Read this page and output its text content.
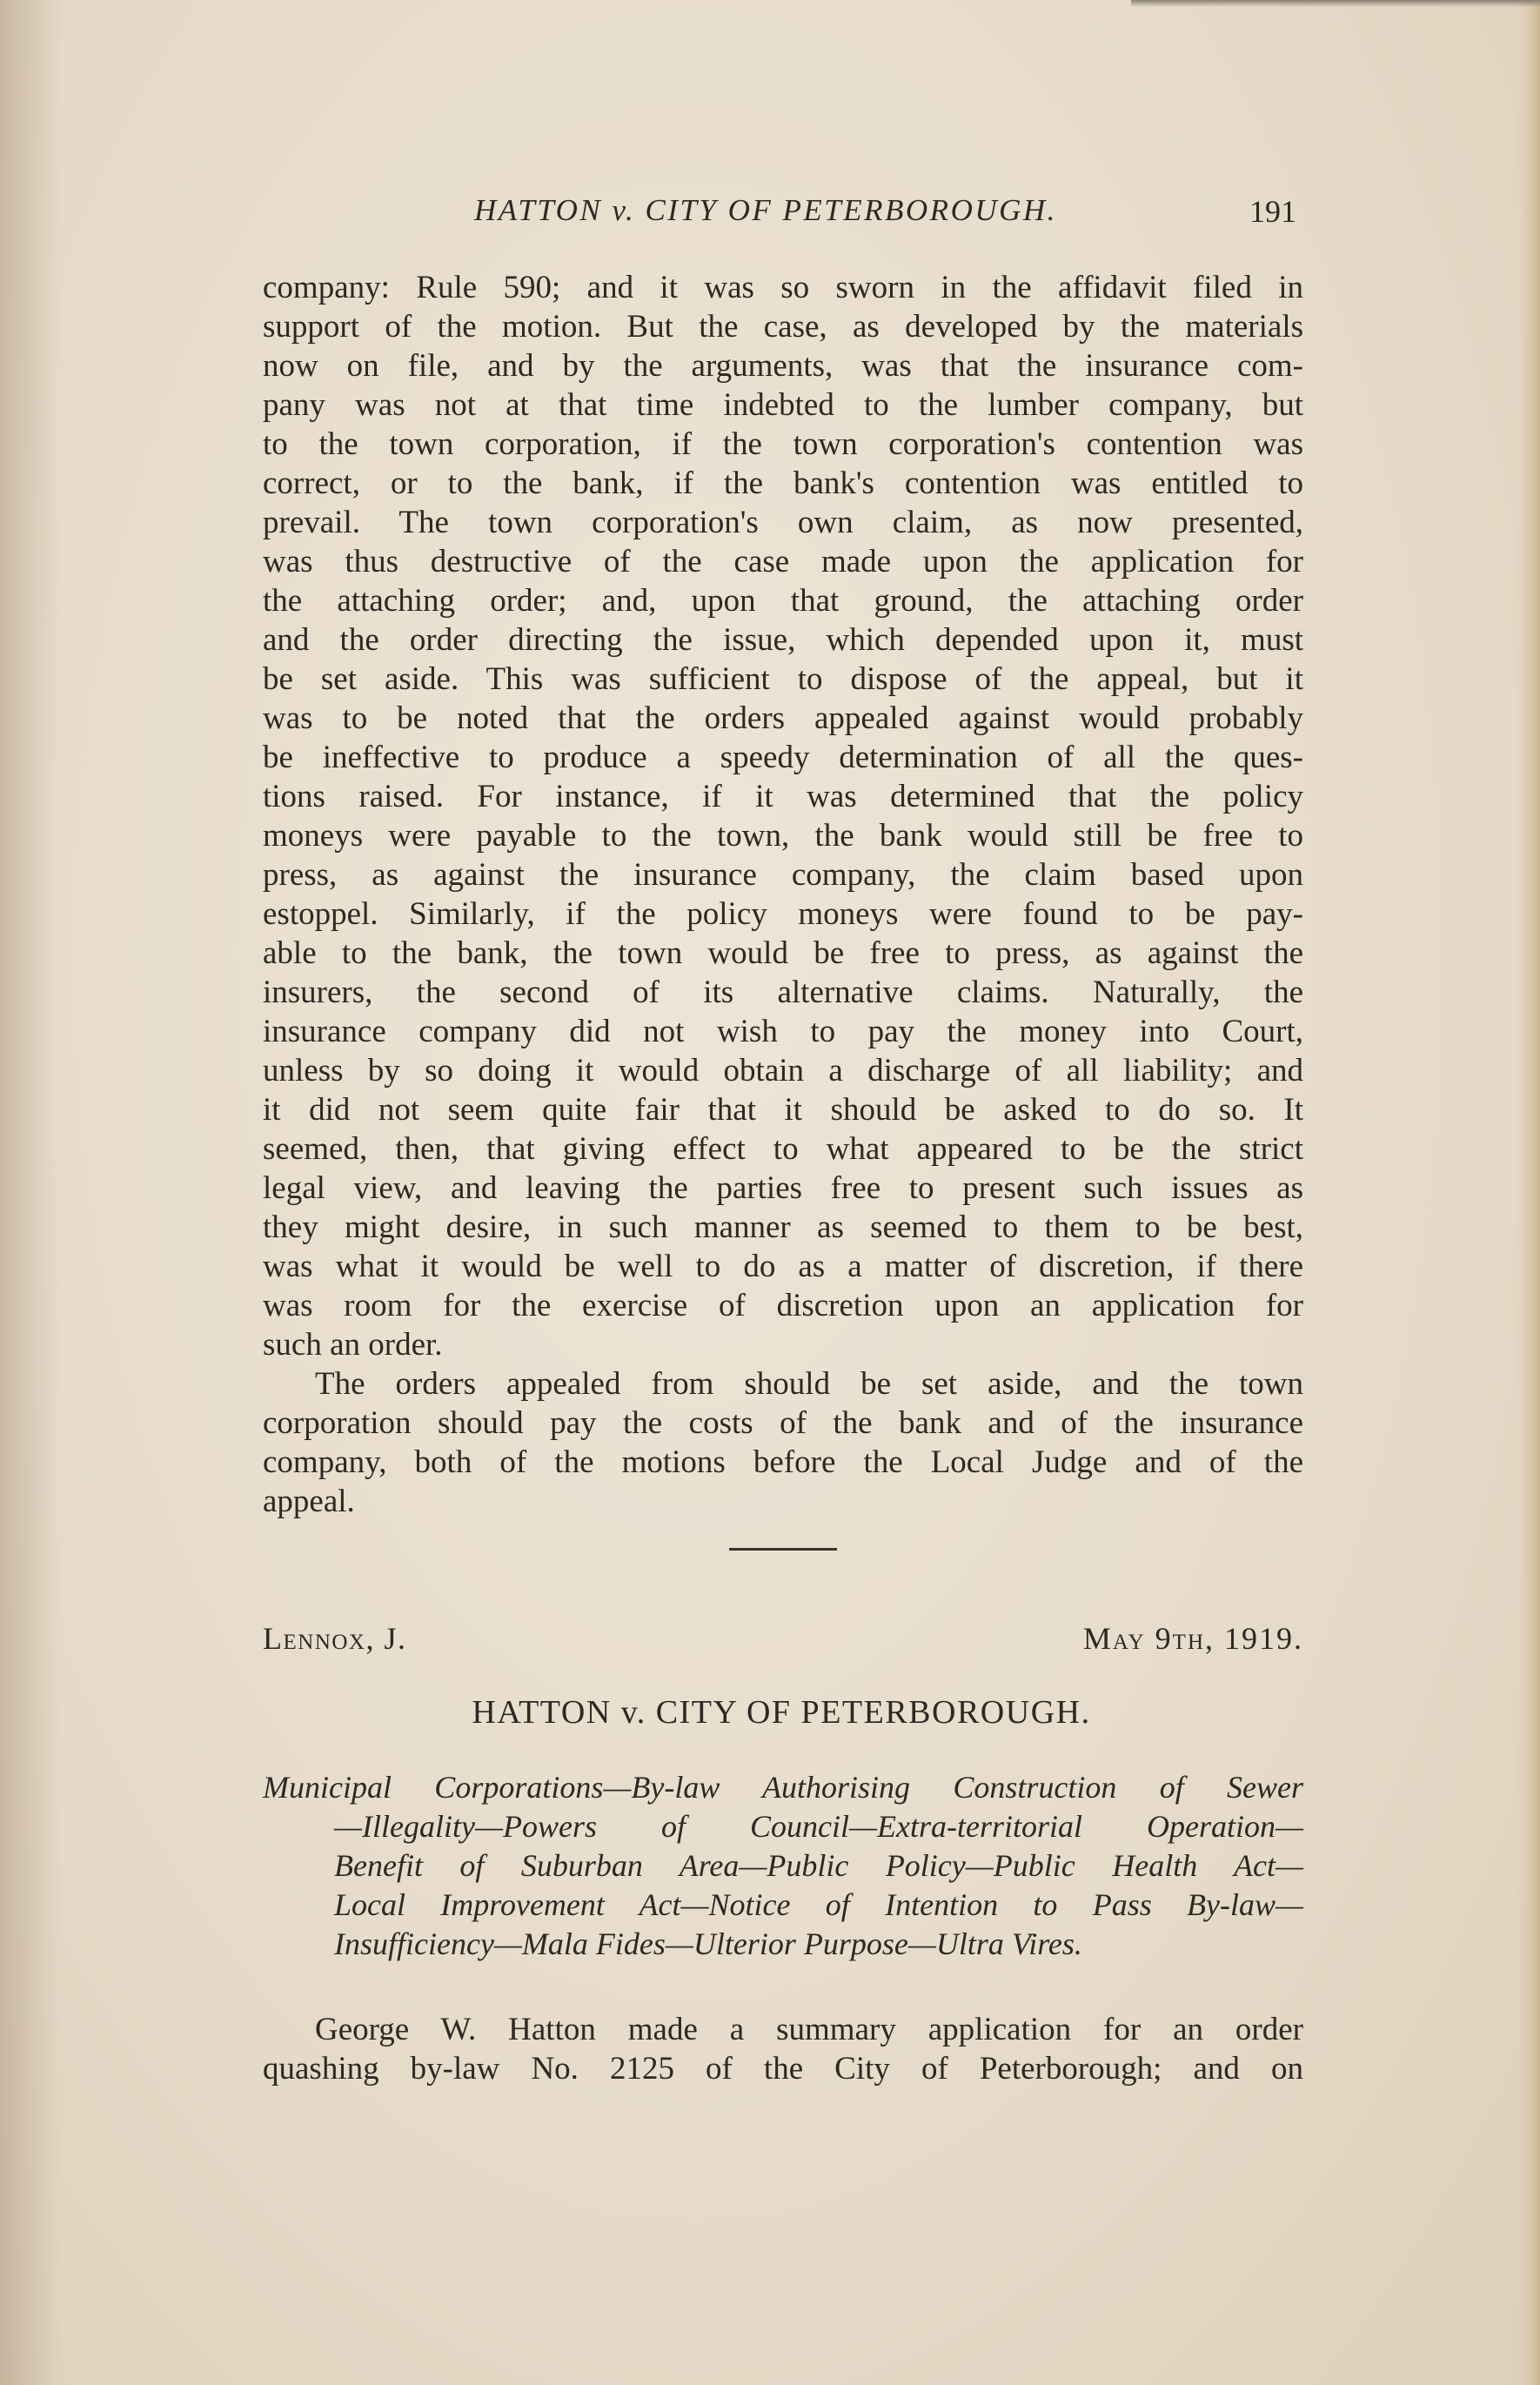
HATTON v. CITY OF PETERBOROUGH.	191
company: Rule 590; and it was so sworn in the affidavit filed in
support of the motion. But the case, as developed by the materials
now on file, and by the arguments, was that the insurance com-
pany was not at that time indebted to the lumber company, but
to the town corporation, if the town corporation's contention was
correct, or to the bank, if the bank's contention was entitled to
prevail. The town corporation's own claim, as now presented,
was thus destructive of the case made upon the application for
the attaching order; and, upon that ground, the attaching order
and the order directing the issue, which depended upon it, must
be set aside. This was sufficient to dispose of the appeal, but it
was to be noted that the orders appealed against would probably
be ineffective to produce a speedy determination of all the ques-
tions raised. For instance, if it was determined that the policy
moneys were payable to the town, the bank would still be free to
press, as against the insurance company, the claim based upon
estoppel. Similarly, if the policy moneys were found to be pay-
able to the bank, the town would be free to press, as against the
insurers, the second of its alternative claims. Naturally, the
insurance company did not wish to pay the money into Court,
unless by so doing it would obtain a discharge of all liability; and
it did not seem quite fair that it should be asked to do so. It
seemed, then, that giving effect to what appeared to be the strict
legal view, and leaving the parties free to present such issues as
they might desire, in such manner as seemed to them to be best,
was what it would be well to do as a matter of discretion, if there
was room for the exercise of discretion upon an application for
such an order.
The orders appealed from should be set aside, and the town
corporation should pay the costs of the bank and of the insurance
company, both of the motions before the Local Judge and of the
appeal.
Lennox, J.	May 9th, 1919.
HATTON v. CITY OF PETERBOROUGH.
Municipal Corporations—By-law Authorising Construction of Sewer
—Illegality—Powers of Council—Extra-territorial Operation—
Benefit of Suburban Area—Public Policy—Public Health Act—
Local Improvement Act—Notice of Intention to Pass By-law—
Insufficiency—Mala Fides—Ulterior Purpose—Ultra Vires.
George W. Hatton made a summary application for an order
quashing by-law No. 2125 of the City of Peterborough; and on
